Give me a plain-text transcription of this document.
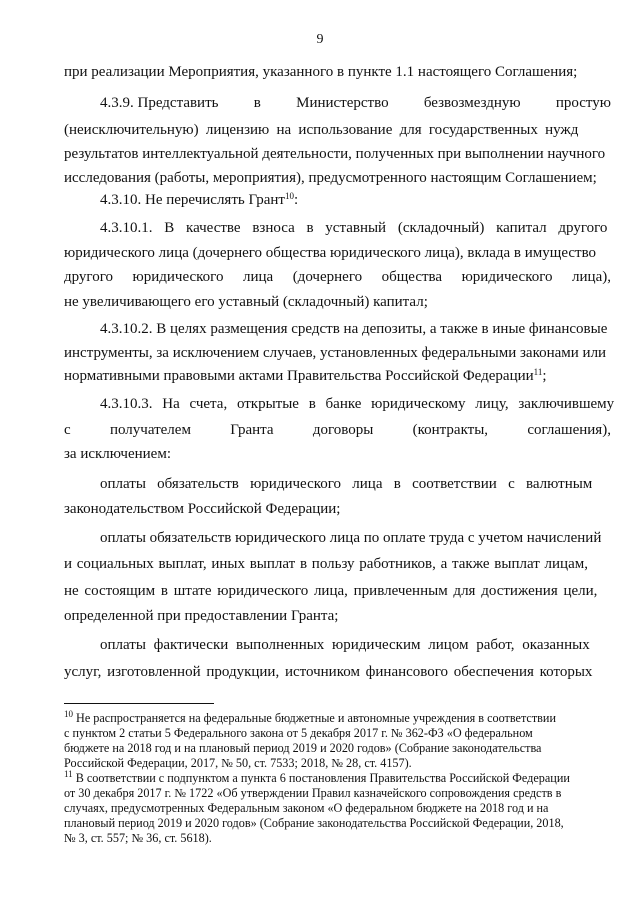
9
при реализации Мероприятия, указанного в пункте 1.1 настоящего Соглашения;
4.3.9. Представить в Министерство безвозмездную простую
(неисключительную) лицензию на использование для государственных нужд
результатов интеллектуальной деятельности, полученных при выполнении научного
исследования (работы, мероприятия), предусмотренного настоящим Соглашением;
4.3.10. Не перечислять Грант$^{10}$:
4.3.10.1. В качестве взноса в уставный (складочный) капитал другого
юридического лица (дочернего общества юридического лица), вклада в имущество
другого юридического лица (дочернего общества юридического лица),
не увеличивающего его уставный (складочный) капитал;
4.3.10.2. В целях размещения средств на депозиты, а также в иные финансовые
инструменты, за исключением случаев, установленных федеральными законами или
нормативными правовыми актами Правительства Российской Федерации$^{11}$;
4.3.10.3. На счета, открытые в банке юридическому лицу, заключившему
с	получателем	Гранта	договоры	(контракты,	соглашения),
за исключением:
оплаты обязательств юридического лица в соответствии с валютным
законодательством Российской Федерации;
оплаты обязательств юридического лица по оплате труда с учетом начислений
и социальных выплат, иных выплат в пользу работников, а также выплат лицам,
не состоящим в штате юридического лица, привлеченным для достижения цели,
определенной при предоставлении Гранта;
оплаты фактически выполненных юридическим лицом работ, оказанных
услуг, изготовленной продукции, источником финансового обеспечения которых
$^{10}$ Не распространяется на федеральные бюджетные и автономные учреждения в соответствии
с пунктом 2 статьи 5 Федерального закона от 5 декабря 2017 г. № 362-ФЗ «О федеральном
бюджете на 2018 год и на плановый период 2019 и 2020 годов» (Собрание законодательства
Российской Федерации, 2017, № 50, ст. 7533; 2018, № 28, ст. 4157).
$^{11}$ В соответствии с подпунктом а пункта 6 постановления Правительства Российской Федерации
от 30 декабря 2017 г. № 1722 «Об утверждении Правил казначейского сопровождения средств в
случаях, предусмотренных Федеральным законом «О федеральном бюджете на 2018 год и на
плановый период 2019 и 2020 годов» (Собрание законодательства Российской Федерации, 2018,
№ 3, ст. 557; № 36, ст. 5618).
